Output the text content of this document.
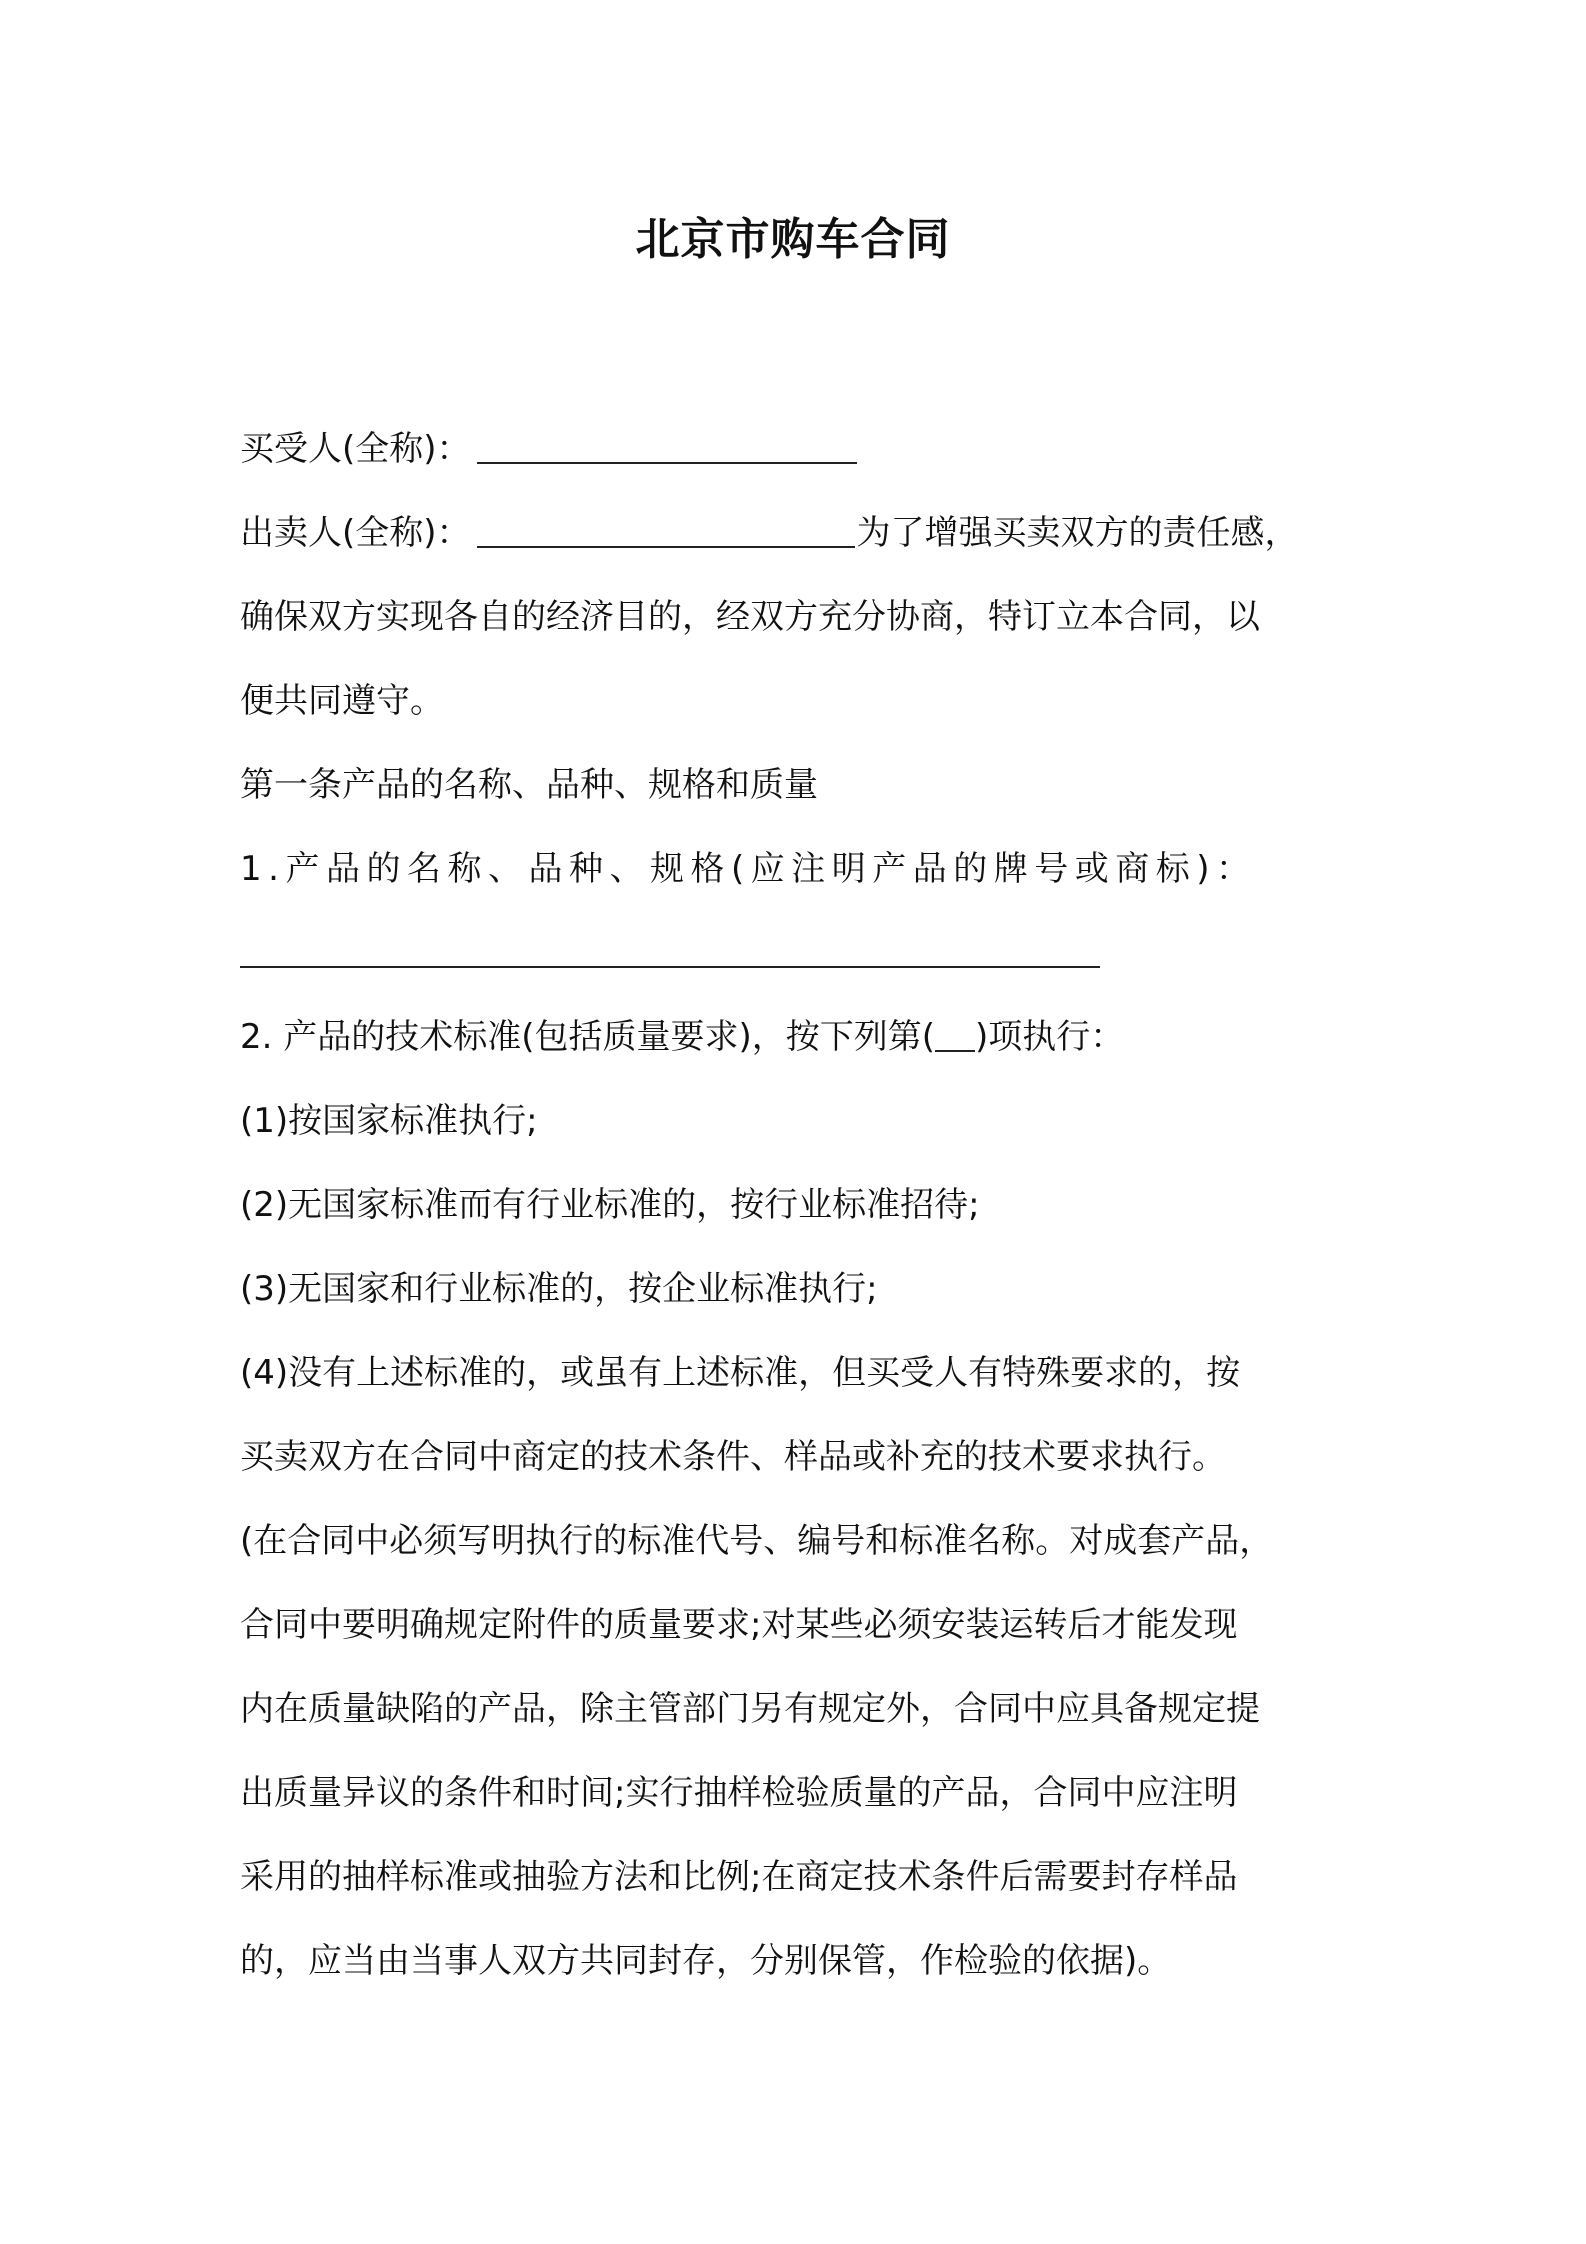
北京市购车合同
买受人(全称)：
出卖人(全称)：	为了增强买卖双方的责任感，
确保双方实现各自的经济目的，经双方充分协商，特订立本合同，以
便共同遵守。
第一条产品的名称、品种、规格和质量
1.产品的名称、品种、规格(应注明产品的牌号或商标)：
2. 产品的技术标准(包括质量要求)，按下列第( )项执行：
(1)按国家标准执行;
(2)无国家标准而有行业标准的，按行业标准招待;
(3)无国家和行业标准的，按企业标准执行;
(4)没有上述标准的，或虽有上述标准，但买受人有特殊要求的，按
买卖双方在合同中商定的技术条件、样品或补充的技术要求执行。
(在合同中必须写明执行的标准代号、编号和标准名称。对成套产品，
合同中要明确规定附件的质量要求;对某些必须安装运转后才能发现
内在质量缺陷的产品，除主管部门另有规定外，合同中应具备规定提
出质量异议的条件和时间;实行抽样检验质量的产品，合同中应注明
采用的抽样标准或抽验方法和比例;在商定技术条件后需要封存样品
的，应当由当事人双方共同封存，分别保管，作检验的依据)。
